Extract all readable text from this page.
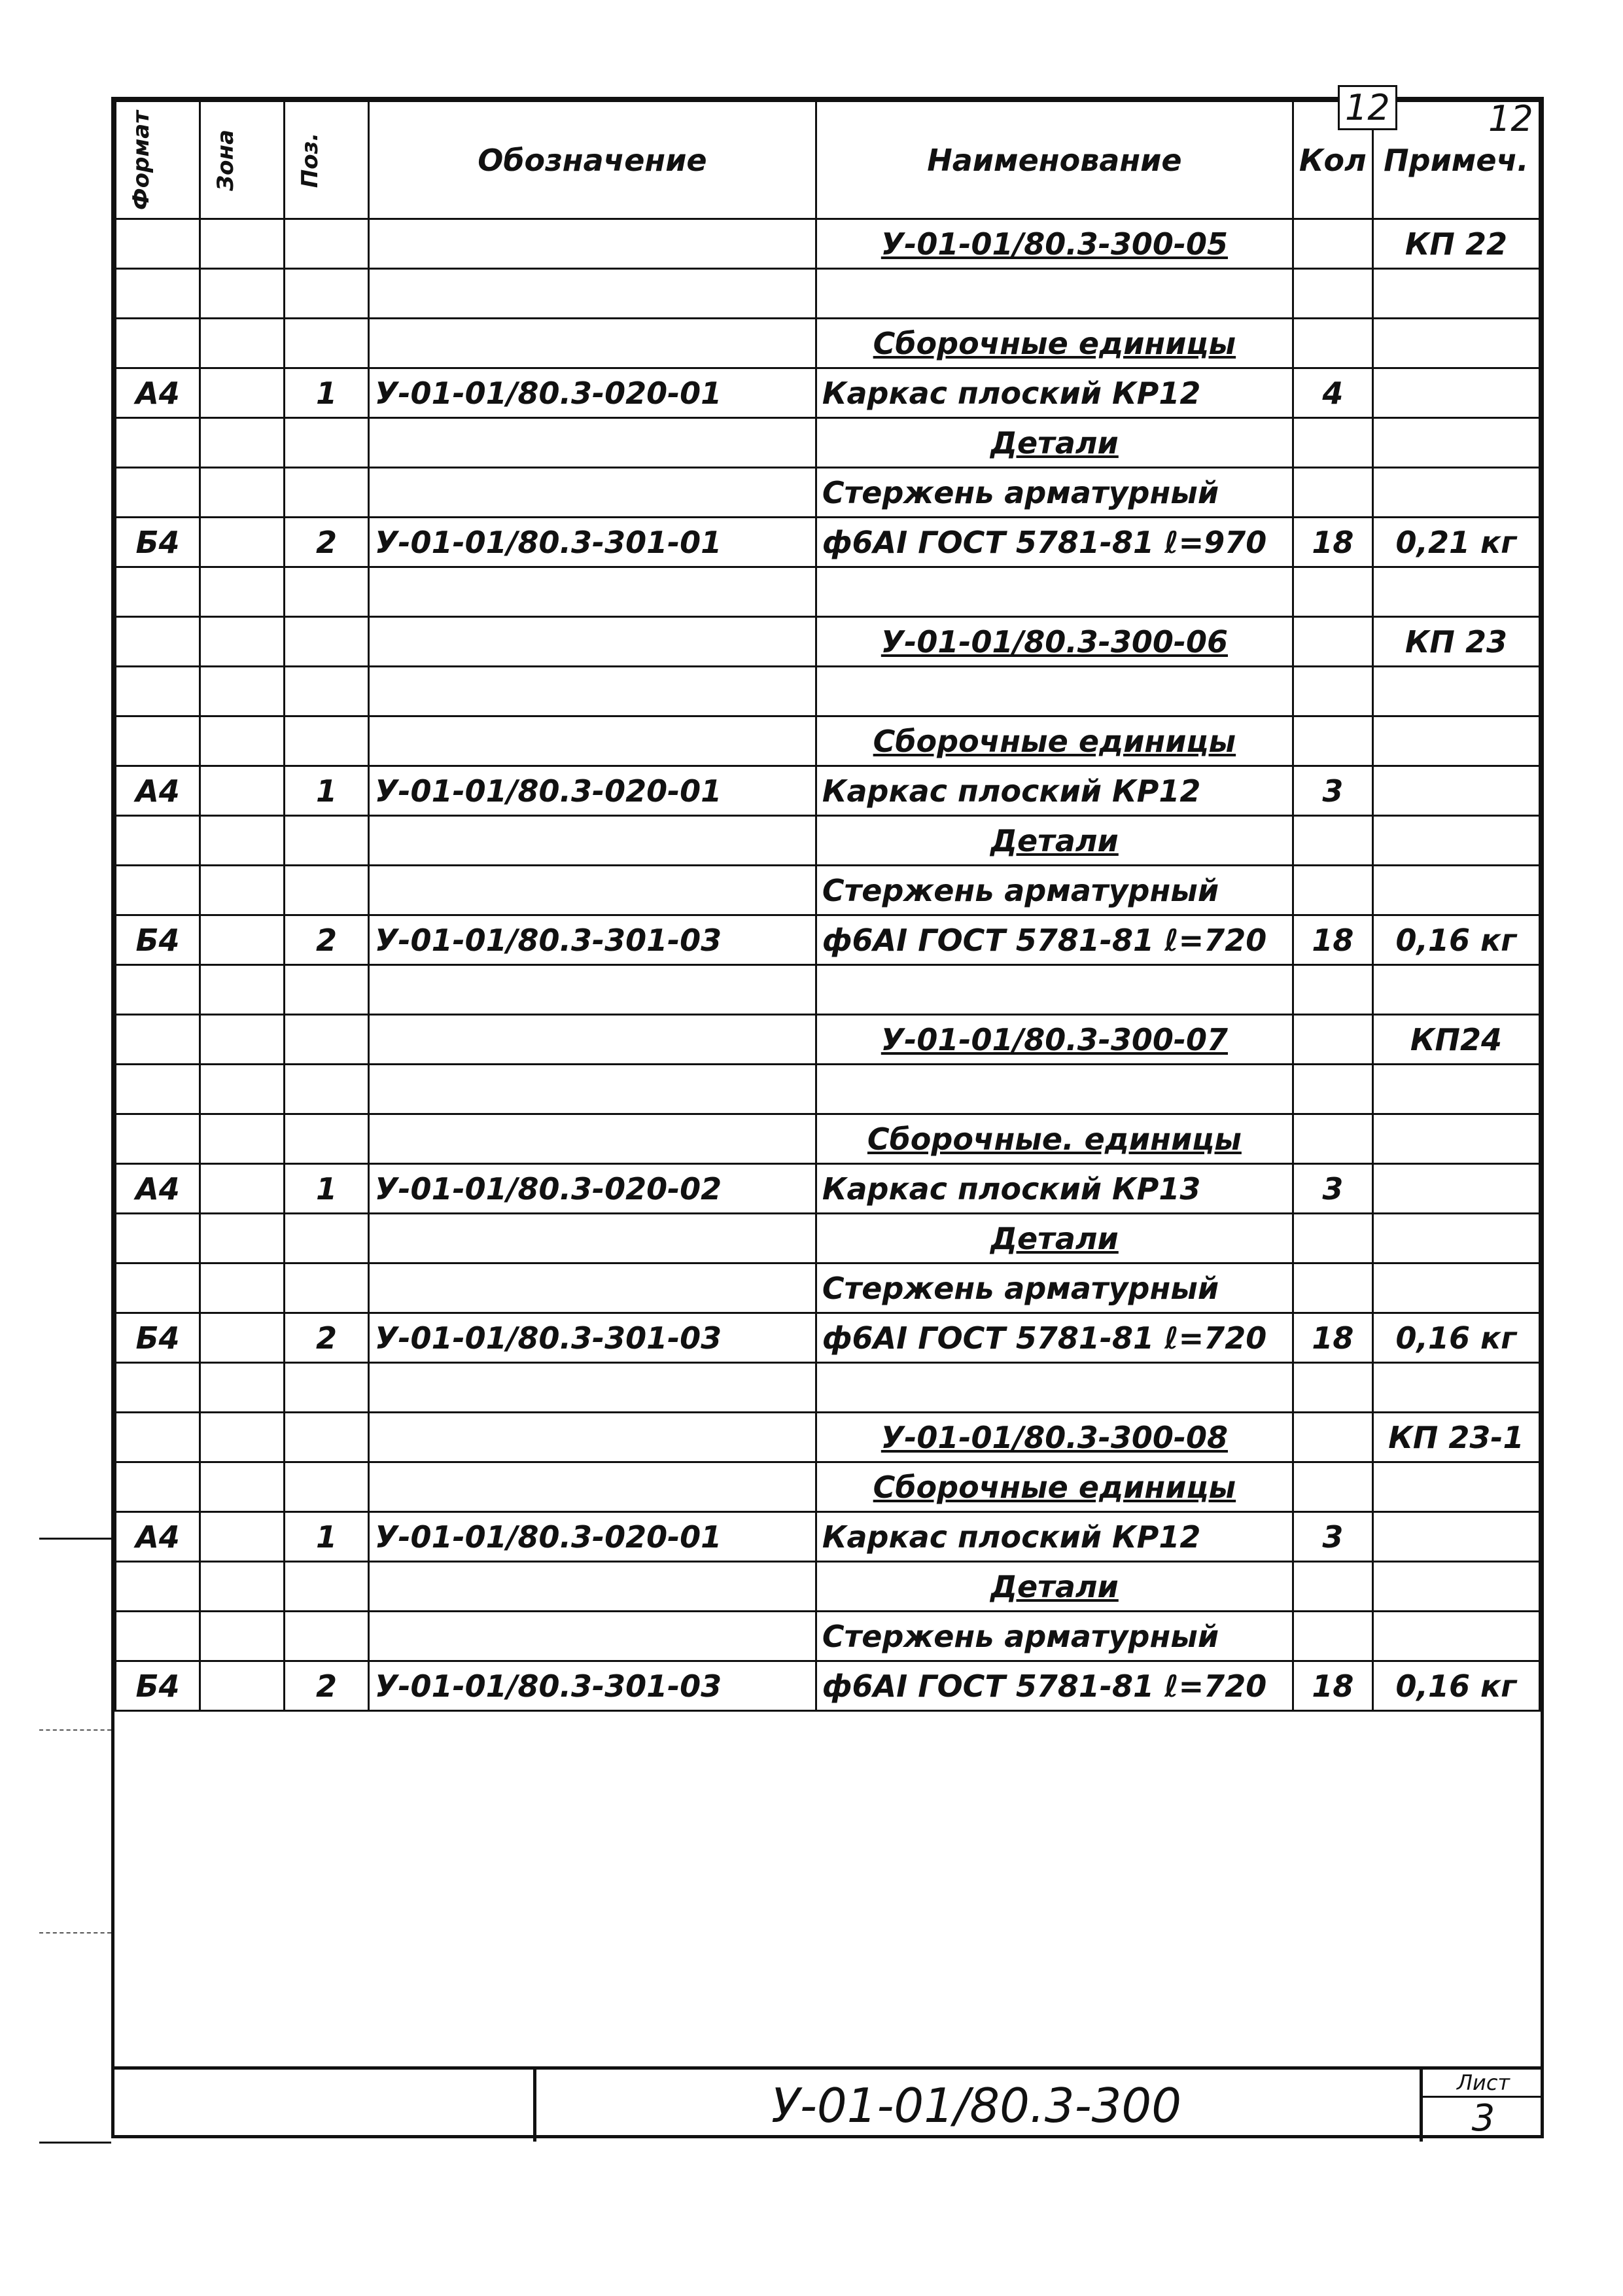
Формат	Зона	Поз.	Обозначение	Наименование	Кол	Примеч.
				У-01-01/80.3-300-05		КП 22

				Сборочные единицы		
А4		1	У-01-01/80.3-020-01	Каркас плоский КР12	4	
				Детали		
				Стержень арматурный		
Б4		2	У-01-01/80.3-301-01	ф6АI ГОСТ 5781-81 ℓ=970	18	0,21 кг

				У-01-01/80.3-300-06		КП 23

				Сборочные единицы		
А4		1	У-01-01/80.3-020-01	Каркас плоский КР12	3	
				Детали		
				Стержень арматурный		
Б4		2	У-01-01/80.3-301-03	ф6АI ГОСТ 5781-81 ℓ=720	18	0,16 кг

				У-01-01/80.3-300-07		КП24

				Сборочные. единицы		
А4		1	У-01-01/80.3-020-02	Каркас плоский КР13	3	
				Детали		
				Стержень арматурный		
Б4		2	У-01-01/80.3-301-03	ф6АI ГОСТ 5781-81 ℓ=720	18	0,16 кг

				У-01-01/80.3-300-08		КП 23-1
				Сборочные единицы		
А4		1	У-01-01/80.3-020-01	Каркас плоский КР12	3	
				Детали		
				Стержень арматурный		
Б4		2	У-01-01/80.3-301-03	ф6АI ГОСТ 5781-81 ℓ=720	18	0,16 кг
У-01-01/80.3-300	Лист
3
12	12
